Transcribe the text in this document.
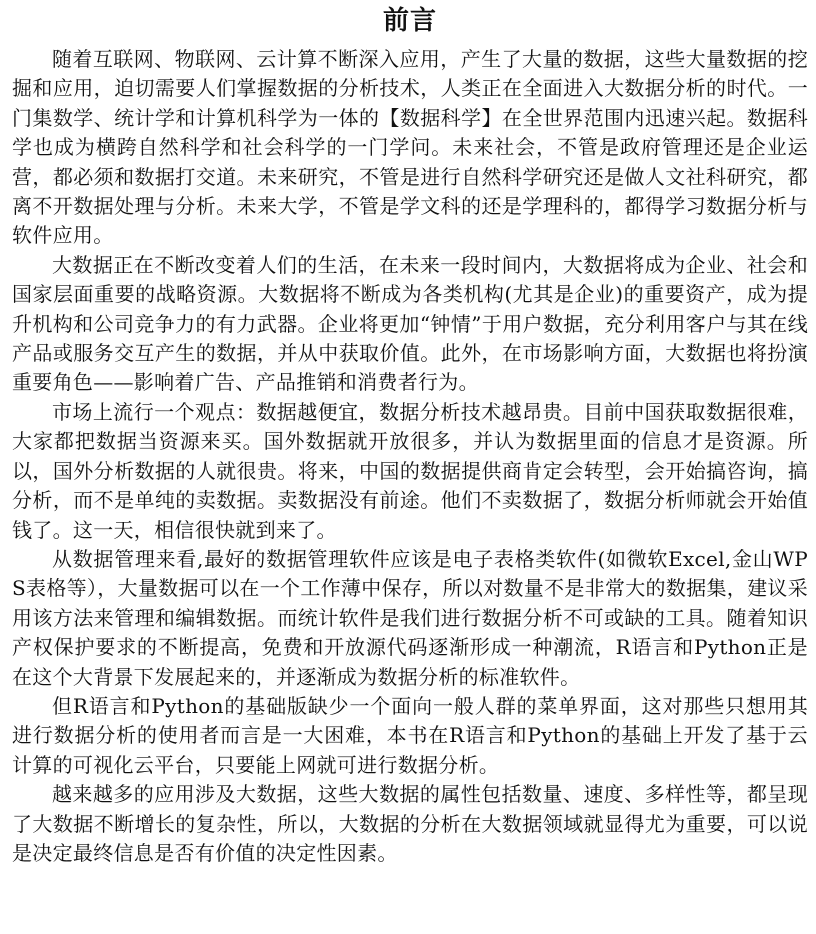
前言

随着互联网、物联网、云计算不断深入应用，产生了大量的数据，这些大量数据的挖掘和应用，迫切需要人们掌握数据的分析技术，人类正在全面进入大数据分析的时代。一门集数学、统计学和计算机科学为一体的【数据科学】在全世界范围内迅速兴起。数据科学也成为横跨自然科学和社会科学的一门学问。未来社会，不管是政府管理还是企业运营，都必须和数据打交道。未来研究，不管是进行自然科学研究还是做人文社科研究，都离不开数据处理与分析。未来大学，不管是学文科的还是学理科的，都得学习数据分析与软件应用。

大数据正在不断改变着人们的生活，在未来一段时间内，大数据将成为企业、社会和国家层面重要的战略资源。大数据将不断成为各类机构(尤其是企业)的重要资产，成为提升机构和公司竞争力的有力武器。企业将更加“钟情”于用户数据，充分利用客户与其在线产品或服务交互产生的数据，并从中获取价值。此外，在市场影响方面，大数据也将扮演重要角色——影响着广告、产品推销和消费者行为。

市场上流行一个观点：数据越便宜，数据分析技术越昂贵。目前中国获取数据很难，大家都把数据当资源来买。国外数据就开放很多，并认为数据里面的信息才是资源。所以，国外分析数据的人就很贵。将来，中国的数据提供商肯定会转型，会开始搞咨询，搞分析，而不是单纯的卖数据。卖数据没有前途。他们不卖数据了，数据分析师就会开始值钱了。这一天，相信很快就到来了。

从数据管理来看,最好的数据管理软件应该是电子表格类软件(如微软Excel,金山WPS表格等），大量数据可以在一个工作薄中保存，所以对数量不是非常大的数据集，建议采用该方法来管理和编辑数据。而统计软件是我们进行数据分析不可或缺的工具。随着知识产权保护要求的不断提高，免费和开放源代码逐渐形成一种潮流，R语言和Python正是在这个大背景下发展起来的，并逐渐成为数据分析的标准软件。

但R语言和Python的基础版缺少一个面向一般人群的菜单界面，这对那些只想用其进行数据分析的使用者而言是一大困难，本书在R语言和Python的基础上开发了基于云计算的可视化云平台，只要能上网就可进行数据分析。

越来越多的应用涉及大数据，这些大数据的属性包括数量、速度、多样性等，都呈现了大数据不断增长的复杂性，所以，大数据的分析在大数据领域就显得尤为重要，可以说是决定最终信息是否有价值的决定性因素。
